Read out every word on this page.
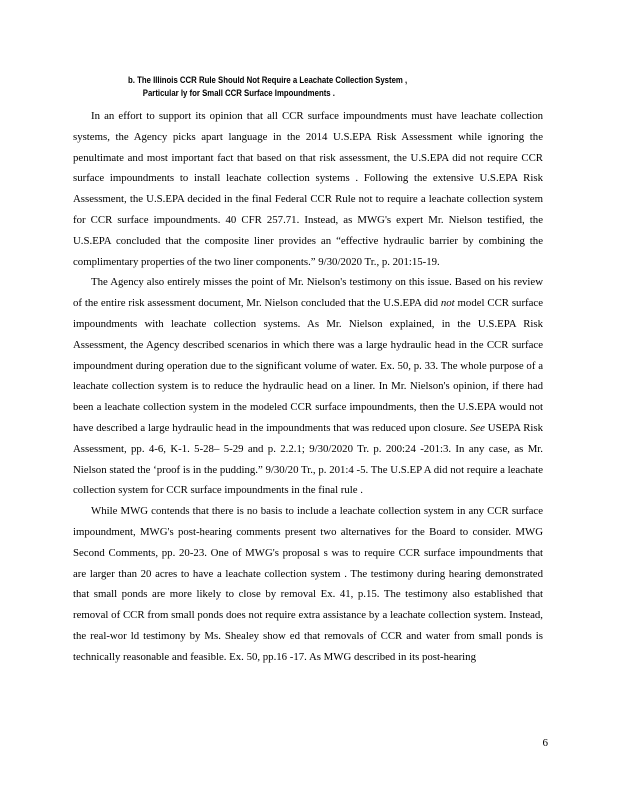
b. The Illinois CCR Rule Should Not Require a Leachate Collection System ,
Particular ly for Small CCR Surface Impoundments .

In an effort to support its opinion that all CCR surface impoundments must have leachate collection systems, the Agency picks apart language in the 2014 U.S.EPA Risk Assessment while ignoring the penultimate and most important fact that based on that risk assessment, the U.S.EPA did not require CCR surface impoundments to install leachate collection systems . Following the extensive U.S.EPA Risk Assessment, the U.S.EPA decided in the final Federal CCR Rule not to require a leachate collection system for CCR surface impoundments. 40 CFR 257.71. Instead, as MWG's expert Mr. Nielson testified, the U.S.EPA concluded that the composite liner provides an “effective hydraulic barrier by combining the complimentary properties of the two liner components.” 9/30/2020 Tr., p. 201:15-19.

The Agency also entirely misses the point of Mr. Nielson's testimony on this issue. Based on his review of the entire risk assessment document, Mr. Nielson concluded that the U.S.EPA did not model CCR surface impoundments with leachate collection systems. As Mr. Nielson explained, in the U.S.EPA Risk Assessment, the Agency described scenarios in which there was a large hydraulic head in the CCR surface impoundment during operation due to the significant volume of water. Ex. 50, p. 33. The whole purpose of a leachate collection system is to reduce the hydraulic head on a liner. In Mr. Nielson's opinion, if there had been a leachate collection system in the modeled CCR surface impoundments, then the U.S.EPA would not have described a large hydraulic head in the impoundments that was reduced upon closure. See USEPA Risk Assessment, pp. 4-6, K-1. 5-28– 5-29 and p. 2.2.1; 9/30/2020 Tr. p. 200:24 -201:3. In any case, as Mr. Nielson stated the ‘proof is in the pudding.” 9/30/20 Tr., p. 201:4 -5. The U.S.EP A did not require a leachate collection system for CCR surface impoundments in the final rule .

While MWG contends that there is no basis to include a leachate collection system in any CCR surface impoundment, MWG's post-hearing comments present two alternatives for the Board to consider. MWG Second Comments, pp. 20-23. One of MWG's proposal s was to require CCR surface impoundments that are larger than 20 acres to have a leachate collection system . The testimony during hearing demonstrated that small ponds are more likely to close by removal Ex. 41, p.15. The testimony also established that removal of CCR from small ponds does not require extra assistance by a leachate collection system. Instead, the real-wor ld testimony by Ms. Shealey show ed that removals of CCR and water from small ponds is technically reasonable and feasible. Ex. 50, pp.16 -17. As MWG described in its post-hearing

6
